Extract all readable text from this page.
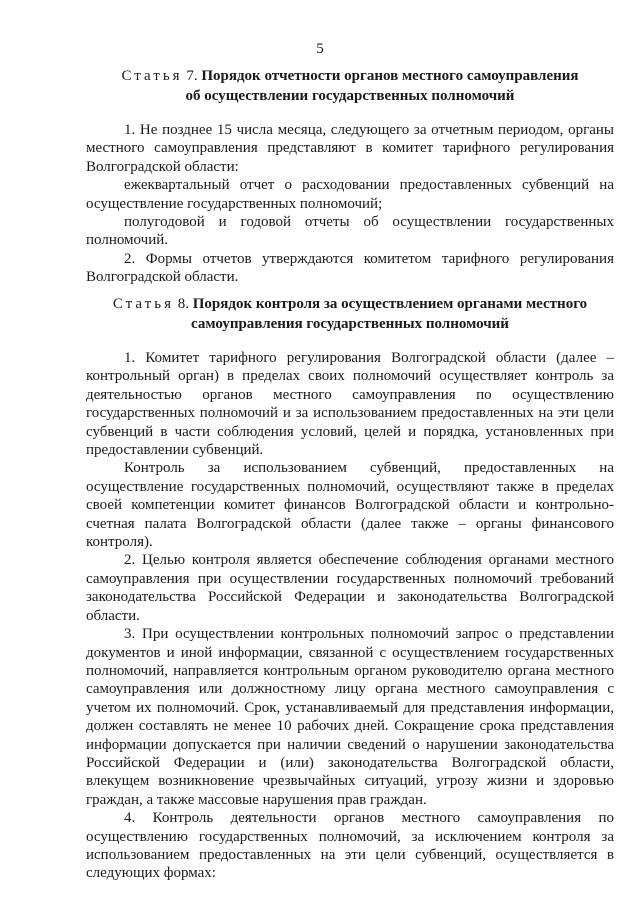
5
Статья 7. Порядок отчетности органов местного самоуправления
об осуществлении государственных полномочий

1. Не позднее 15 числа месяца, следующего за отчетным периодом, органы местного самоуправления представляют в комитет тарифного регулирования Волгоградской области:

ежеквартальный отчет о расходовании предоставленных субвенций на осуществление государственных полномочий;

полугодовой и годовой отчеты об осуществлении государственных полномочий.

2. Формы отчетов утверждаются комитетом тарифного регулирования Волгоградской области.

Статья 8. Порядок контроля за осуществлением органами местного
самоуправления государственных полномочий

1. Комитет тарифного регулирования Волгоградской области (далее – контрольный орган) в пределах своих полномочий осуществляет контроль за деятельностью органов местного самоуправления по осуществлению государственных полномочий и за использованием предоставленных на эти цели субвенций в части соблюдения условий, целей и порядка, установленных при предоставлении субвенций.

Контроль за использованием субвенций, предоставленных на осуществление государственных полномочий, осуществляют также в пределах своей компетенции комитет финансов Волгоградской области и контрольно-счетная палата Волгоградской области (далее также – органы финансового контроля).

2. Целью контроля является обеспечение соблюдения органами местного самоуправления при осуществлении государственных полномочий требований законодательства Российской Федерации и законодательства Волгоградской области.

3. При осуществлении контрольных полномочий запрос о представлении документов и иной информации, связанной с осуществлением государственных полномочий, направляется контрольным органом руководителю органа местного самоуправления или должностному лицу органа местного самоуправления с учетом их полномочий. Срок, устанавливаемый для представления информации, должен составлять не менее 10 рабочих дней. Сокращение срока представления информации допускается при наличии сведений о нарушении законодательства Российской Федерации и (или) законодательства Волгоградской области, влекущем возникновение чрезвычайных ситуаций, угрозу жизни и здоровью граждан, а также массовые нарушения прав граждан.

4. Контроль деятельности органов местного самоуправления по осуществлению государственных полномочий, за исключением контроля за использованием предоставленных на эти цели субвенций, осуществляется в следующих формах:
